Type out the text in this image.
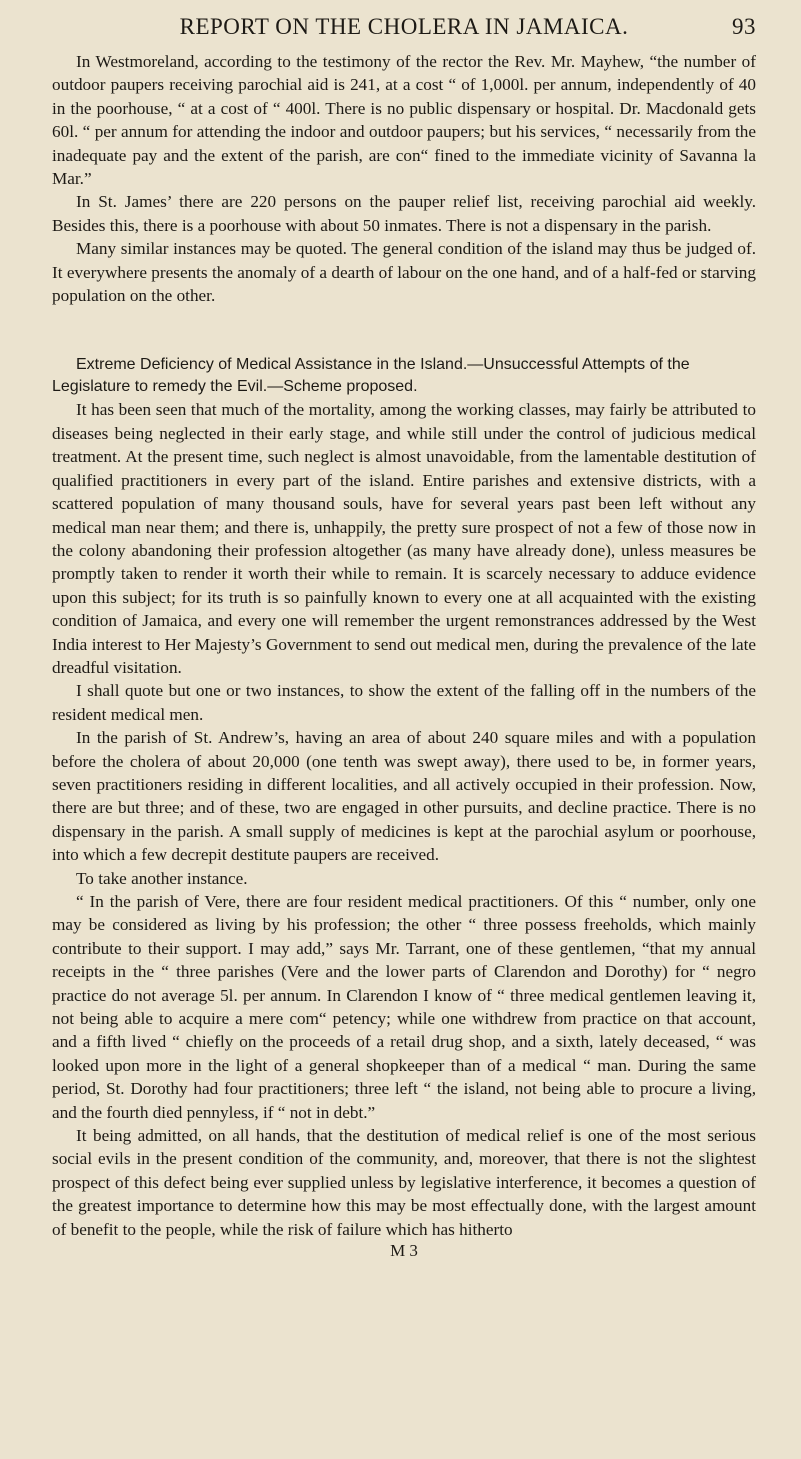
REPORT ON THE CHOLERA IN JAMAICA.	93

In Westmoreland, according to the testimony of the rector the Rev. Mr. Mayhew, “the number of outdoor paupers receiving parochial aid is 241, at a cost “ of 1,000l. per annum, independently of 40 in the poorhouse, “ at a cost of “ 400l. There is no public dispensary or hospital. Dr. Macdonald gets 60l. “ per annum for attending the indoor and outdoor paupers; but his services, “ necessarily from the inadequate pay and the extent of the parish, are con“ fined to the immediate vicinity of Savanna la Mar.”

In St. James’ there are 220 persons on the pauper relief list, receiving parochial aid weekly. Besides this, there is a poorhouse with about 50 inmates. There is not a dispensary in the parish.

Many similar instances may be quoted. The general condition of the island may thus be judged of. It everywhere presents the anomaly of a dearth of labour on the one hand, and of a half-fed or starving population on the other.

Extreme Deficiency of Medical Assistance in the Island.—Unsuccessful Attempts of the Legislature to remedy the Evil.—Scheme proposed.

It has been seen that much of the mortality, among the working classes, may fairly be attributed to diseases being neglected in their early stage, and while still under the control of judicious medical treatment. At the present time, such neglect is almost unavoidable, from the lamentable destitution of qualified practitioners in every part of the island. Entire parishes and extensive districts, with a scattered population of many thousand souls, have for several years past been left without any medical man near them; and there is, unhappily, the pretty sure prospect of not a few of those now in the colony abandoning their profession altogether (as many have already done), unless measures be promptly taken to render it worth their while to remain. It is scarcely necessary to adduce evidence upon this subject; for its truth is so painfully known to every one at all acquainted with the existing condition of Jamaica, and every one will remember the urgent remonstrances addressed by the West India interest to Her Majesty’s Government to send out medical men, during the prevalence of the late dreadful visitation.

I shall quote but one or two instances, to show the extent of the falling off in the numbers of the resident medical men.

In the parish of St. Andrew’s, having an area of about 240 square miles and with a population before the cholera of about 20,000 (one tenth was swept away), there used to be, in former years, seven practitioners residing in different localities, and all actively occupied in their profession. Now, there are but three; and of these, two are engaged in other pursuits, and decline practice. There is no dispensary in the parish. A small supply of medicines is kept at the parochial asylum or poorhouse, into which a few decrepit destitute paupers are received.

To take another instance.

“ In the parish of Vere, there are four resident medical practitioners. Of this “ number, only one may be considered as living by his profession; the other “ three possess freeholds, which mainly contribute to their support. I may add,” says Mr. Tarrant, one of these gentlemen, “that my annual receipts in the “ three parishes (Vere and the lower parts of Clarendon and Dorothy) for “ negro practice do not average 5l. per annum. In Clarendon I know of “ three medical gentlemen leaving it, not being able to acquire a mere com“ petency; while one withdrew from practice on that account, and a fifth lived “ chiefly on the proceeds of a retail drug shop, and a sixth, lately deceased, “ was looked upon more in the light of a general shopkeeper than of a medical “ man. During the same period, St. Dorothy had four practitioners; three left “ the island, not being able to procure a living, and the fourth died pennyless, if “ not in debt.”

It being admitted, on all hands, that the destitution of medical relief is one of the most serious social evils in the present condition of the community, and, moreover, that there is not the slightest prospect of this defect being ever supplied unless by legislative interference, it becomes a question of the greatest importance to determine how this may be most effectually done, with the largest amount of benefit to the people, while the risk of failure which has hitherto

M 3
